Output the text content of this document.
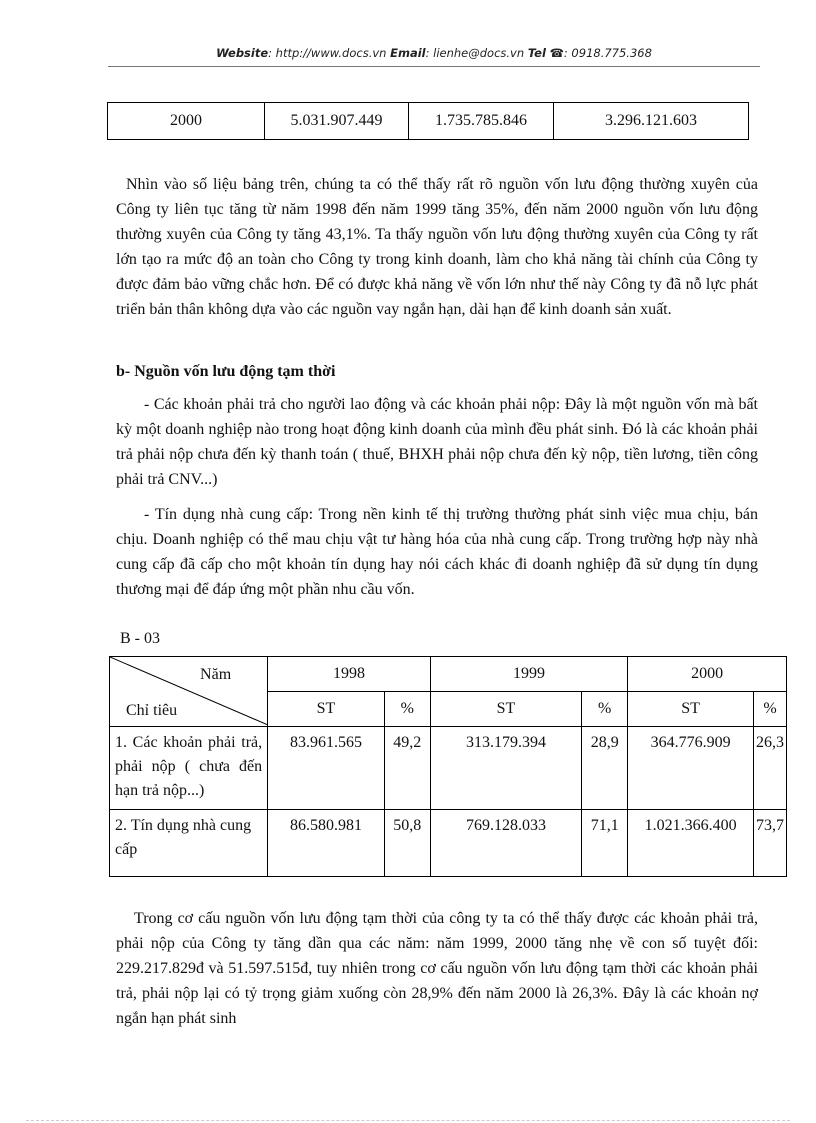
Website: http://www.docs.vn Email: lienhe@docs.vn Tel ☎: 0918.775.368
2000	5.031.907.449	1.735.785.846	3.296.121.603

Nhìn vào số liệu bảng trên, chúng ta có thể thấy rất rõ nguồn vốn lưu động thường xuyên của Công ty liên tục tăng từ năm 1998 đến năm 1999 tăng 35%, đến năm 2000 nguồn vốn lưu động thường xuyên của Công ty tăng 43,1%. Ta thấy nguồn vốn lưu động thường xuyên của Công ty rất lớn tạo ra mức độ an toàn cho Công ty trong kinh doanh, làm cho khả năng tài chính của Công ty được đảm bảo vững chắc hơn. Để có được khả năng về vốn lớn như thế này Công ty đã nỗ lực phát triển bản thân không dựa vào các nguồn vay ngắn hạn, dài hạn để kinh doanh sản xuất.

b- Nguồn vốn lưu động tạm thời

- Các khoản phải trả cho người lao động và các khoản phải nộp: Đây là một nguồn vốn mà bất kỳ một doanh nghiệp nào trong hoạt động kinh doanh của mình đều phát sinh. Đó là các khoản phải trả phải nộp chưa đến kỳ thanh toán ( thuế, BHXH phải nộp chưa đến kỳ nộp, tiền lương, tiền công phải trả CNV...)

- Tín dụng nhà cung cấp: Trong nền kinh tế thị trường thường phát sinh việc mua chịu, bán chịu. Doanh nghiệp có thể mau chịu vật tư hàng hóa của nhà cung cấp. Trong trường hợp này nhà cung cấp đã cấp cho một khoản tín dụng hay nói cách khác đi doanh nghiệp đã sử dụng tín dụng thương mại để đáp ứng một phần nhu cầu vốn.

B - 03

Năm
Chỉ tiêu	1998		1999		2000	
	ST	%	ST	%	ST	%
1. Các khoản phải trả, phải nộp ( chưa đến hạn trả nộp...)	83.961.565	49,2	313.179.394	28,9	364.776.909	26,3
2. Tín dụng nhà cung cấp	86.580.981	50,8	769.128.033	71,1	1.021.366.400	73,7

Trong cơ cấu nguồn vốn lưu động tạm thời của công ty ta có thể thấy được các khoản phải trả, phải nộp của Công ty tăng dần qua các năm: năm 1999, 2000 tăng nhẹ về con số tuyệt đối: 229.217.829đ và 51.597.515đ, tuy nhiên trong cơ cấu nguồn vốn lưu động tạm thời các khoản phải trả, phải nộp lại có tỷ trọng giảm xuống còn 28,9% đến năm 2000 là 26,3%. Đây là các khoản nợ ngắn hạn phát sinh
